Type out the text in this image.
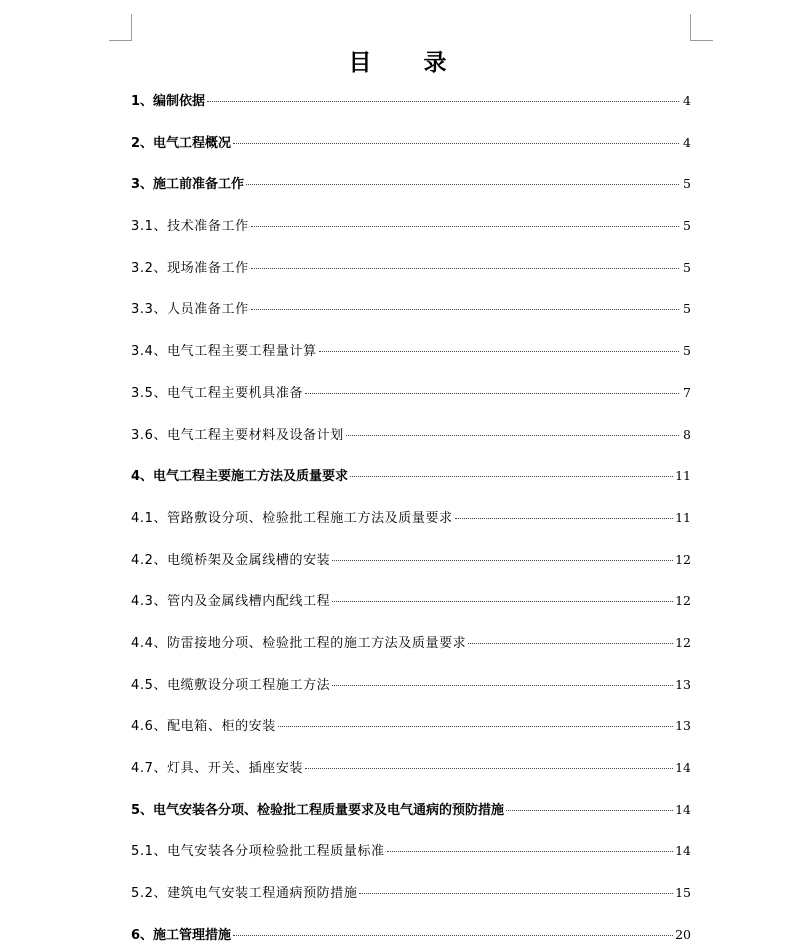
目 录
1、编制依据	4
2、电气工程概况	4
3、施工前准备工作	5
3.1、技术准备工作	5
3.2、现场准备工作	5
3.3、人员准备工作	5
3.4、电气工程主要工程量计算	5
3.5、电气工程主要机具准备	7
3.6、电气工程主要材料及设备计划	8
4、电气工程主要施工方法及质量要求	11
4.1、管路敷设分项、检验批工程施工方法及质量要求	11
4.2、电缆桥架及金属线槽的安装	12
4.3、管内及金属线槽内配线工程	12
4.4、防雷接地分项、检验批工程的施工方法及质量要求	12
4.5、电缆敷设分项工程施工方法	13
4.6、配电箱、柜的安装	13
4.7、灯具、开关、插座安装	14
5、电气安装各分项、检验批工程质量要求及电气通病的预防措施	14
5.1、电气安装各分项检验批工程质量标准	14
5.2、建筑电气安装工程通病预防措施	15
6、施工管理措施	20
